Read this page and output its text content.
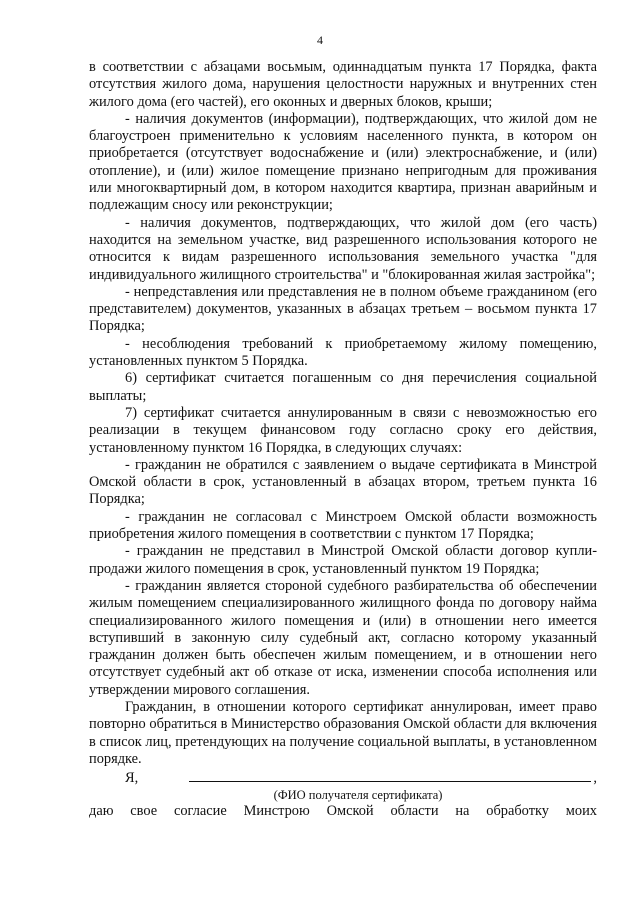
4

в соответствии с абзацами восьмым, одиннадцатым пункта 17 Порядка, факта отсутствия жилого дома, нарушения целостности наружных и внутренних стен жилого дома (его частей), его оконных и дверных блоков, крыши;

- наличия документов (информации), подтверждающих, что жилой дом не благоустроен применительно к условиям населенного пункта, в котором он приобретается (отсутствует водоснабжение и (или) электроснабжение, и (или) отопление), и (или) жилое помещение признано непригодным для проживания или многоквартирный дом, в котором находится квартира, признан аварийным и подлежащим сносу или реконструкции;

- наличия документов, подтверждающих, что жилой дом (его часть) находится на земельном участке, вид разрешенного использования которого не относится к видам разрешенного использования земельного участка "для индивидуального жилищного строительства" и "блокированная жилая застройка";

- непредставления или представления не в полном объеме гражданином (его представителем) документов, указанных в абзацах третьем – восьмом пункта 17 Порядка;

- несоблюдения требований к приобретаемому жилому помещению, установленных пунктом 5 Порядка.

6) сертификат считается погашенным со дня перечисления социальной выплаты;

7) сертификат считается аннулированным в связи с невозможностью его реализации в текущем финансовом году согласно сроку его действия, установленному пунктом 16 Порядка, в следующих случаях:

- гражданин не обратился с заявлением о выдаче сертификата в Минстрой Омской области в срок, установленный в абзацах втором, третьем пункта 16 Порядка;

- гражданин не согласовал с Минстроем Омской области возможность приобретения жилого помещения в соответствии с пунктом 17 Порядка;

- гражданин не представил в Минстрой Омской области договор купли-продажи жилого помещения в срок, установленный пунктом 19 Порядка;

- гражданин является стороной судебного разбирательства об обеспечении жилым помещением специализированного жилищного фонда по договору найма специализированного жилого помещения и (или) в отношении него имеется вступивший в законную силу судебный акт, согласно которому указанный гражданин должен быть обеспечен жилым помещением, и в отношении него отсутствует судебный акт об отказе от иска, изменении способа исполнения или утверждении мирового соглашения.

Гражданин, в отношении которого сертификат аннулирован, имеет право повторно обратиться в Министерство образования Омской области для включения в список лиц, претендующих на получение социальной выплаты, в установленном порядке.

Я,	,
(ФИО получателя сертификата)
даю свое согласие Минстрою Омской области на обработку моих
